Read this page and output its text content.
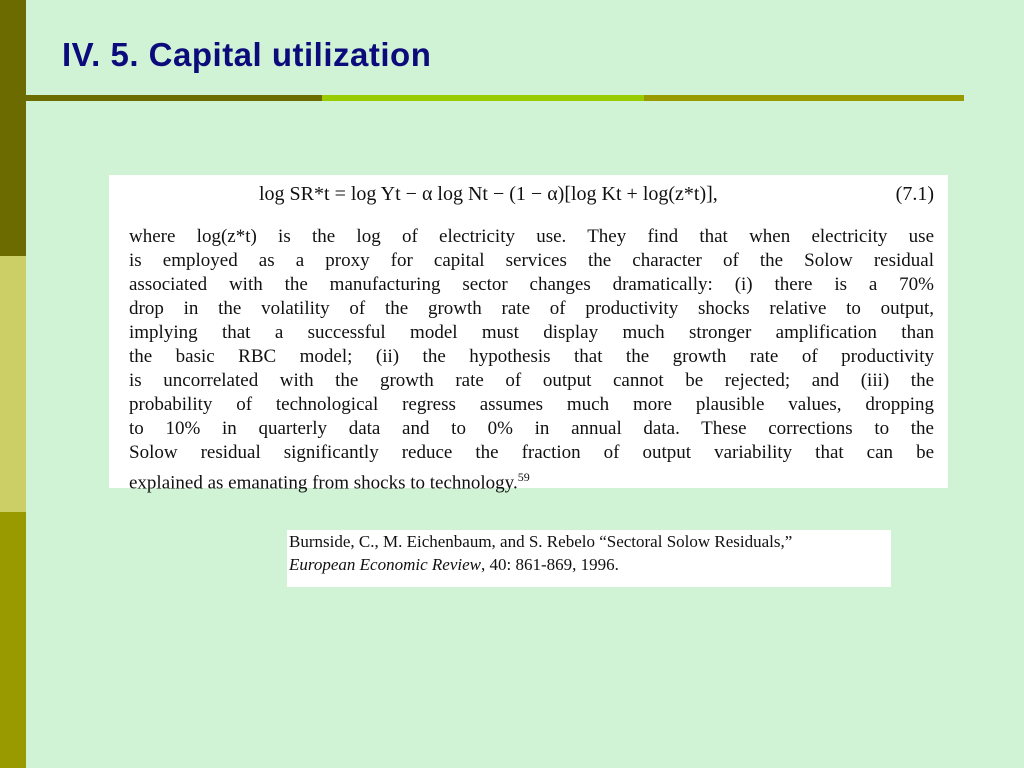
IV. 5. Capital utilization
log SR*t = log Yt − α log Nt − (1 − α)[log Kt + log(z*t)],	(7.1)
where log(z*t) is the log of electricity use. They find that when electricity use
is employed as a proxy for capital services the character of the Solow residual
associated with the manufacturing sector changes dramatically: (i) there is a 70%
drop in the volatility of the growth rate of productivity shocks relative to output,
implying that a successful model must display much stronger amplification than
the basic RBC model; (ii) the hypothesis that the growth rate of productivity
is uncorrelated with the growth rate of output cannot be rejected; and (iii) the
probability of technological regress assumes much more plausible values, dropping
to 10% in quarterly data and to 0% in annual data. These corrections to the
Solow residual significantly reduce the fraction of output variability that can be
explained as emanating from shocks to technology.$^{59}$
Burnside, C., M. Eichenbaum, and S. Rebelo “Sectoral Solow Residuals,”
European Economic Review, 40: 861-869, 1996.
